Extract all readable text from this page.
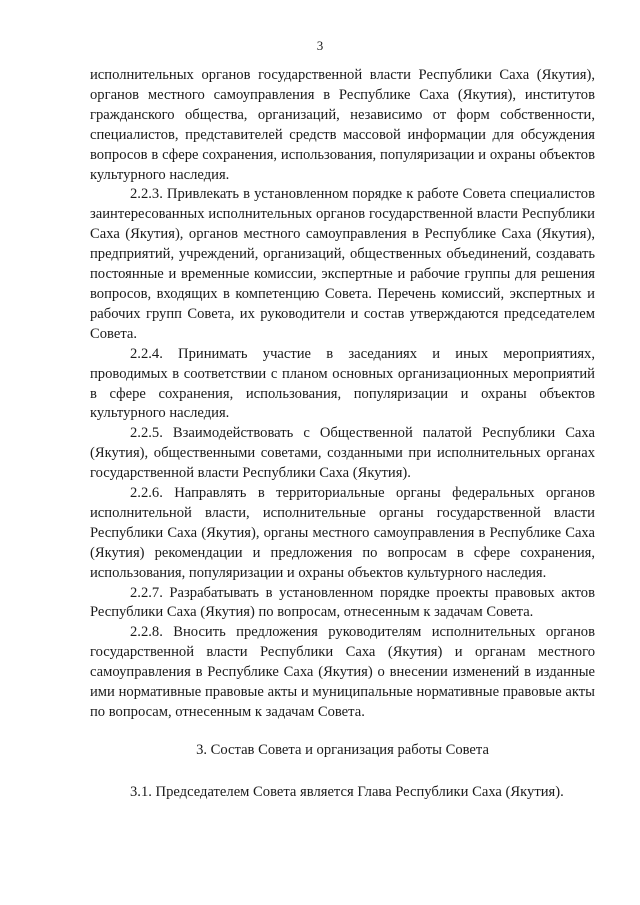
3

исполнительных органов государственной власти Республики Саха (Якутия), органов местного самоуправления в Республике Саха (Якутия), институтов гражданского общества, организаций, независимо от форм собственности, специалистов, представителей средств массовой информации для обсуждения вопросов в сфере сохранения, использования, популяризации и охраны объектов культурного наследия.

2.2.3. Привлекать в установленном порядке к работе Совета специалистов заинтересованных исполнительных органов государственной власти Республики Саха (Якутия), органов местного самоуправления в Республике Саха (Якутия), предприятий, учреждений, организаций, общественных объединений, создавать постоянные и временные комиссии, экспертные и рабочие группы для решения вопросов, входящих в компетенцию Совета. Перечень комиссий, экспертных и рабочих групп Совета, их руководители и состав утверждаются председателем Совета.

2.2.4. Принимать участие в заседаниях и иных мероприятиях, проводимых в соответствии с планом основных организационных мероприятий в сфере сохранения, использования, популяризации и охраны объектов культурного наследия.

2.2.5. Взаимодействовать с Общественной палатой Республики Саха (Якутия), общественными советами, созданными при исполнительных органах государственной власти Республики Саха (Якутия).

2.2.6. Направлять в территориальные органы федеральных органов исполнительной власти, исполнительные органы государственной власти Республики Саха (Якутия), органы местного самоуправления в Республике Саха (Якутия) рекомендации и предложения по вопросам в сфере сохранения, использования, популяризации и охраны объектов культурного наследия.

2.2.7. Разрабатывать в установленном порядке проекты правовых актов Республики Саха (Якутия) по вопросам, отнесенным к задачам Совета.

2.2.8. Вносить предложения руководителям исполнительных органов государственной власти Республики Саха (Якутия) и органам местного самоуправления в Республике Саха (Якутия) о внесении изменений в изданные ими нормативные правовые акты и муниципальные нормативные правовые акты по вопросам, отнесенным к задачам Совета.

3. Состав Совета и организация работы Совета

3.1. Председателем Совета является Глава Республики Саха (Якутия).
